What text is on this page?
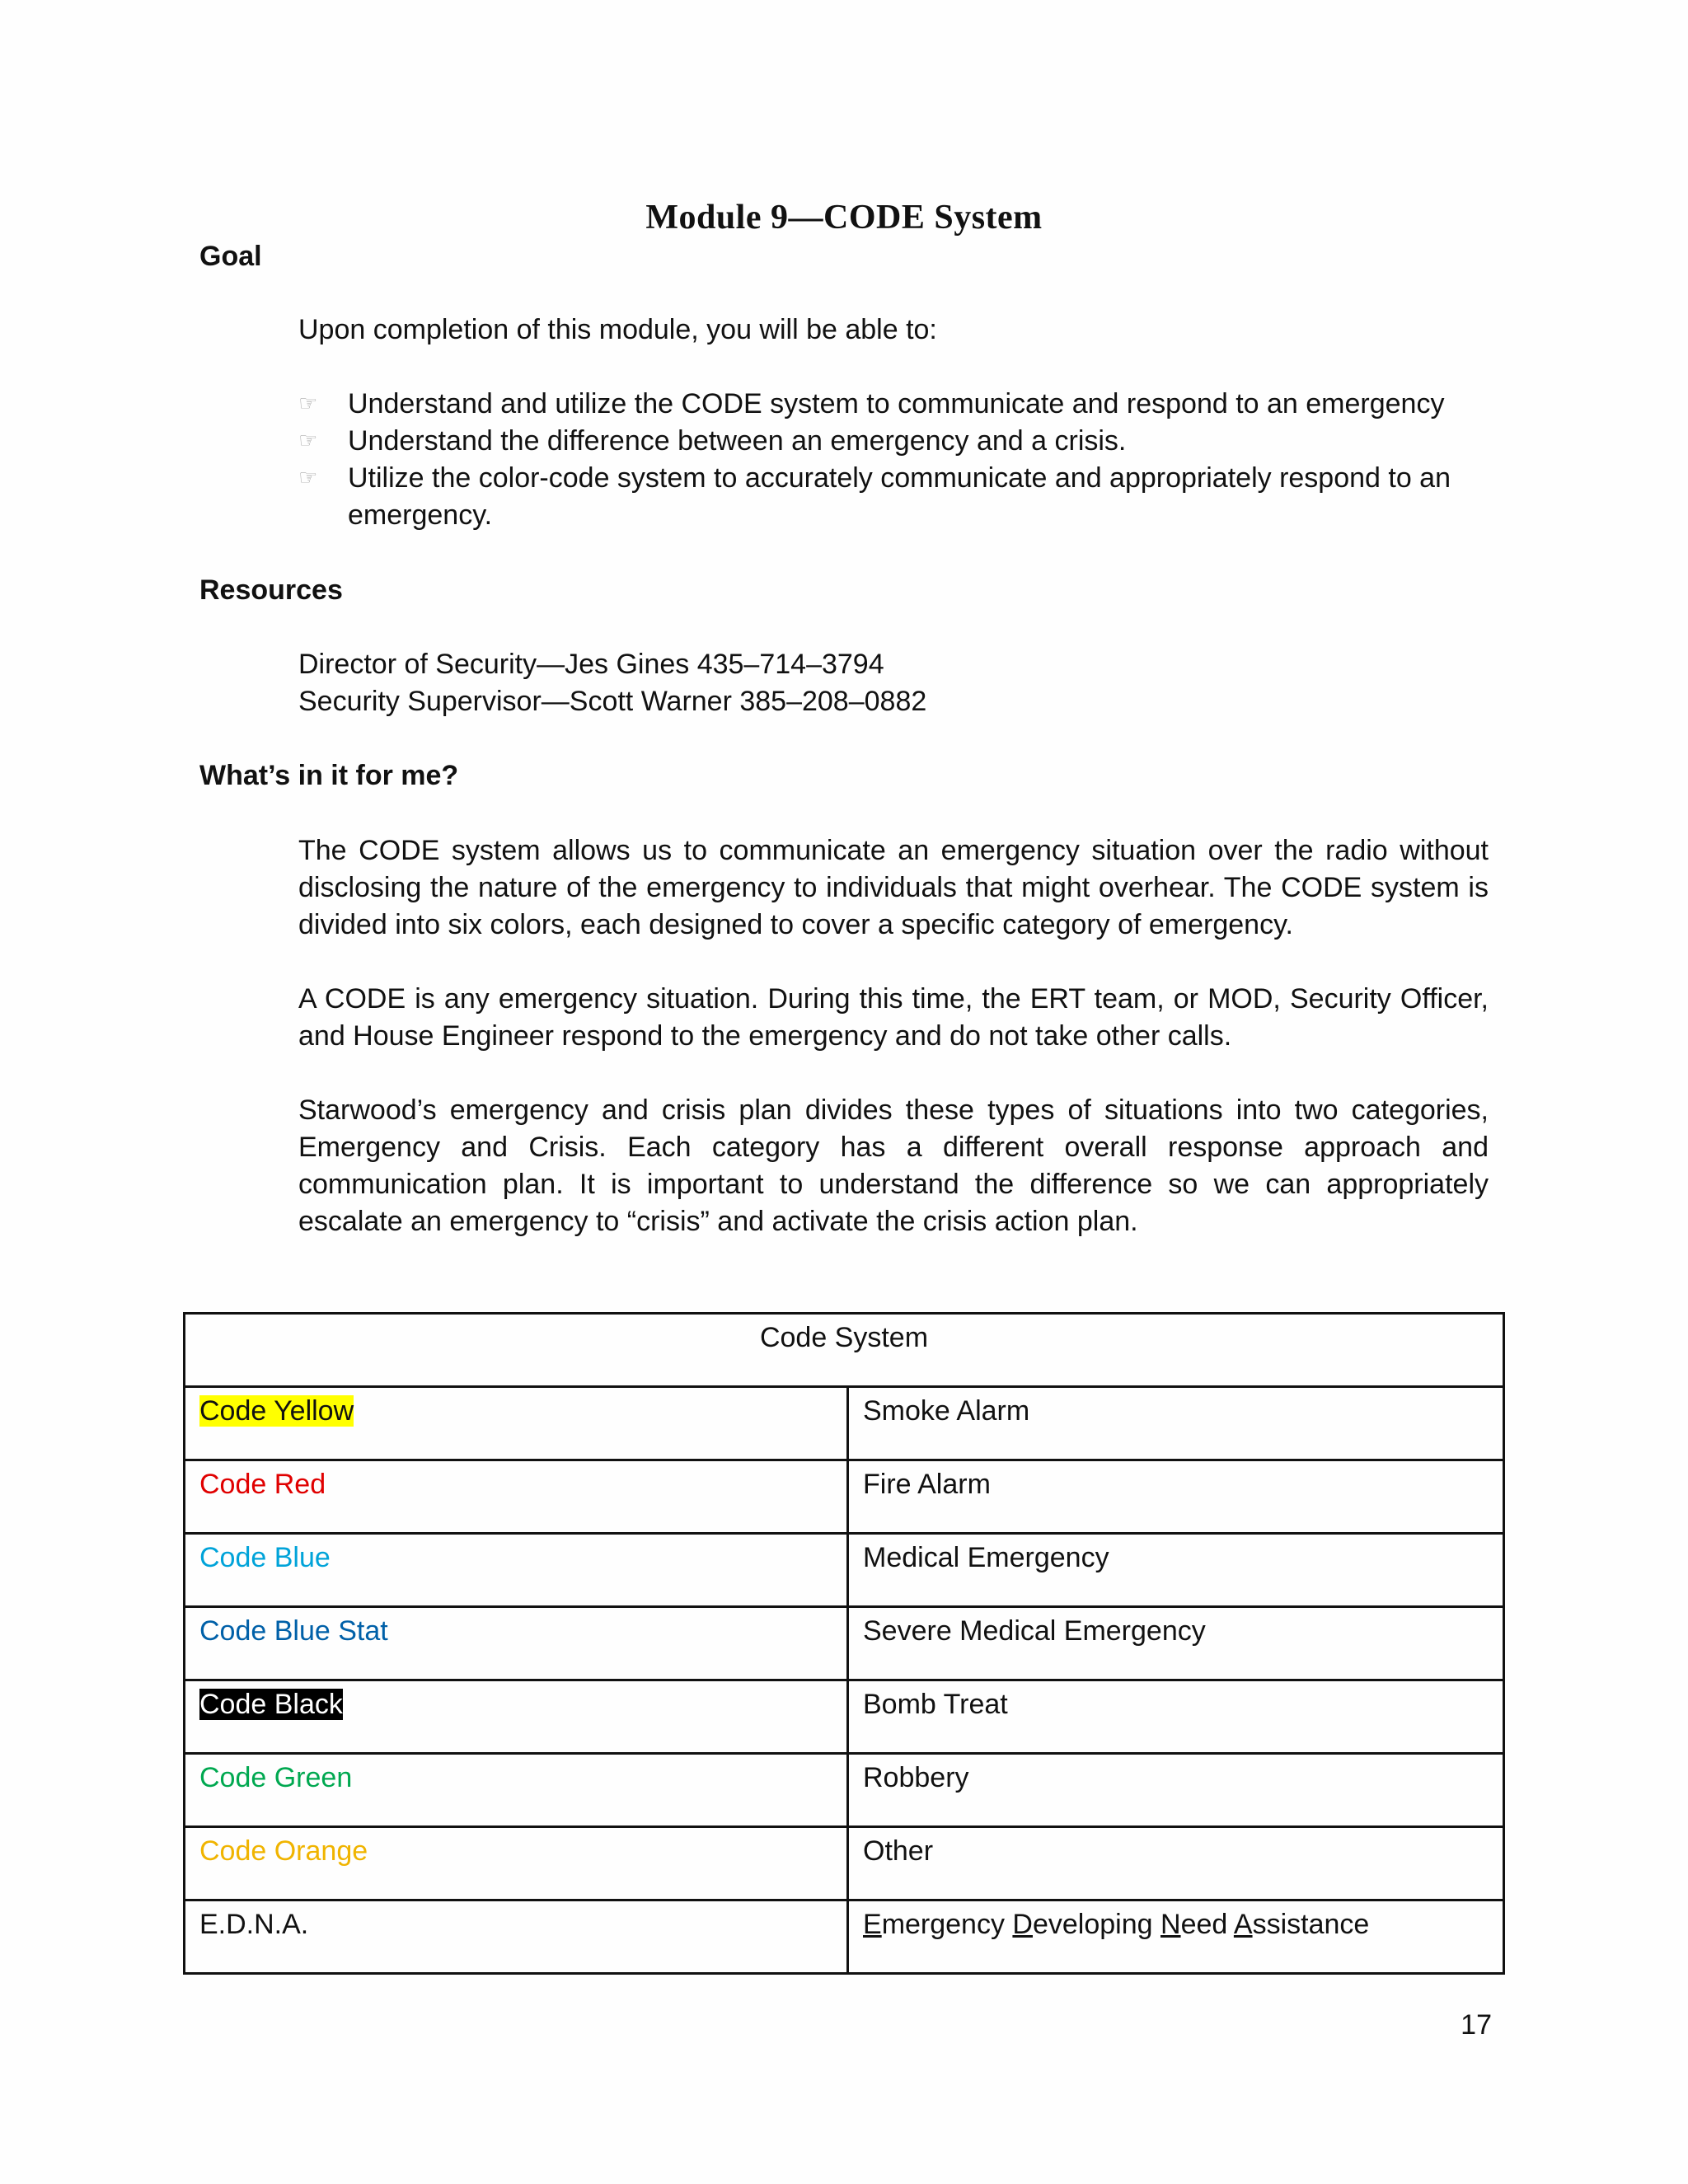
Module 9—CODE System
Goal
Upon completion of this module, you will be able to:
☞	Understand and utilize the CODE system to communicate and respond to an emergency
☞	Understand the difference between an emergency and a crisis.
☞	Utilize the color-code system to accurately communicate and appropriately respond to an emergency.
Resources
Director of Security—Jes Gines 435–714–3794
Security Supervisor—Scott Warner 385–208–0882
What’s in it for me?
The CODE system allows us to communicate an emergency situation over the radio without disclosing the nature of the emergency to individuals that might overhear. The CODE system is divided into six colors, each designed to cover a specific category of emergency.
A CODE is any emergency situation. During this time, the ERT team, or MOD, Security Officer, and House Engineer respond to the emergency and do not take other calls.
Starwood’s emergency and crisis plan divides these types of situations into two categories, Emergency and Crisis. Each category has a different overall response approach and communication plan. It is important to understand the difference so we can appropriately escalate an emergency to “crisis” and activate the crisis action plan.
Code System	
Code Yellow	Smoke Alarm
Code Red	Fire Alarm
Code Blue	Medical Emergency
Code Blue Stat	Severe Medical Emergency
Code Black	Bomb Treat
Code Green	Robbery
Code Orange	Other
E.D.N.A.	Emergency Developing Need Assistance
17
